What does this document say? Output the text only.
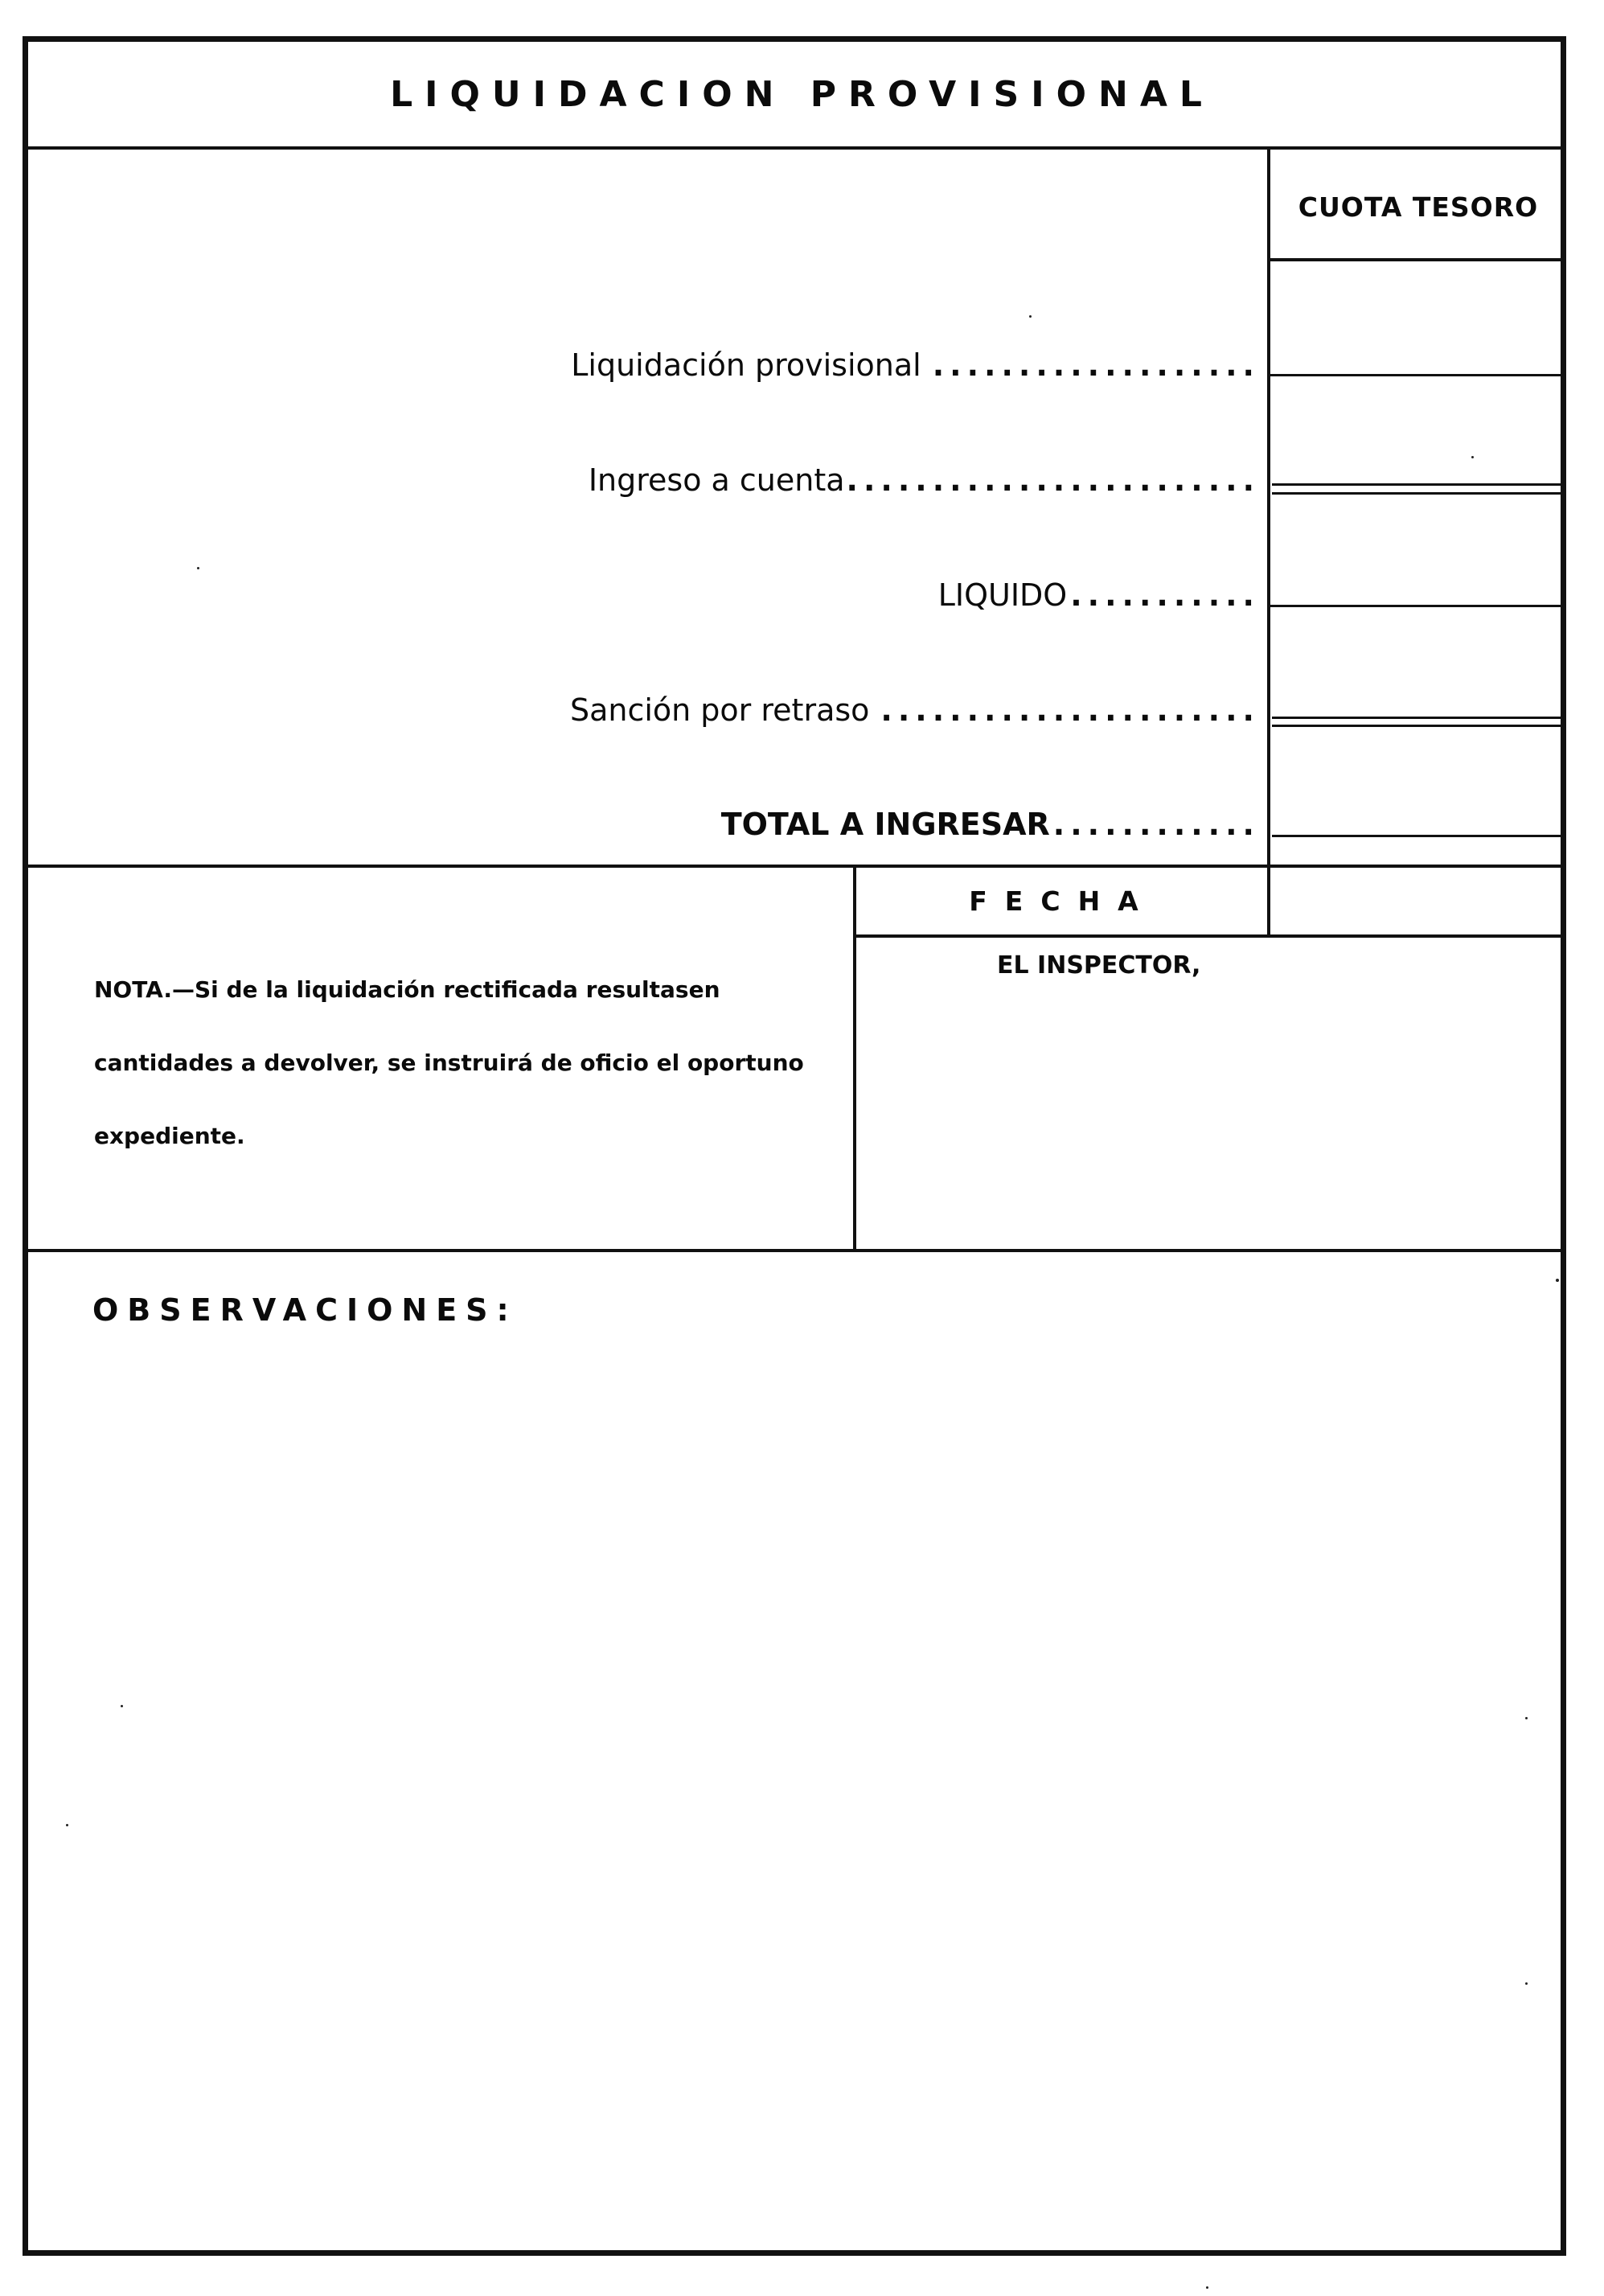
LIQUIDACION PROVISIONAL
CUOTA TESORO
Liquidación provisional ...................
Ingreso a cuenta ........................
LIQUIDO ...........
Sanción por retraso ......................
TOTAL A INGRESAR ............
FECHA
EL INSPECTOR,
NOTA.—Si de la liquidación rectificada resultasen cantidades a devolver, se instruirá de oficio el oportuno expediente.
OBSERVACIONES:
